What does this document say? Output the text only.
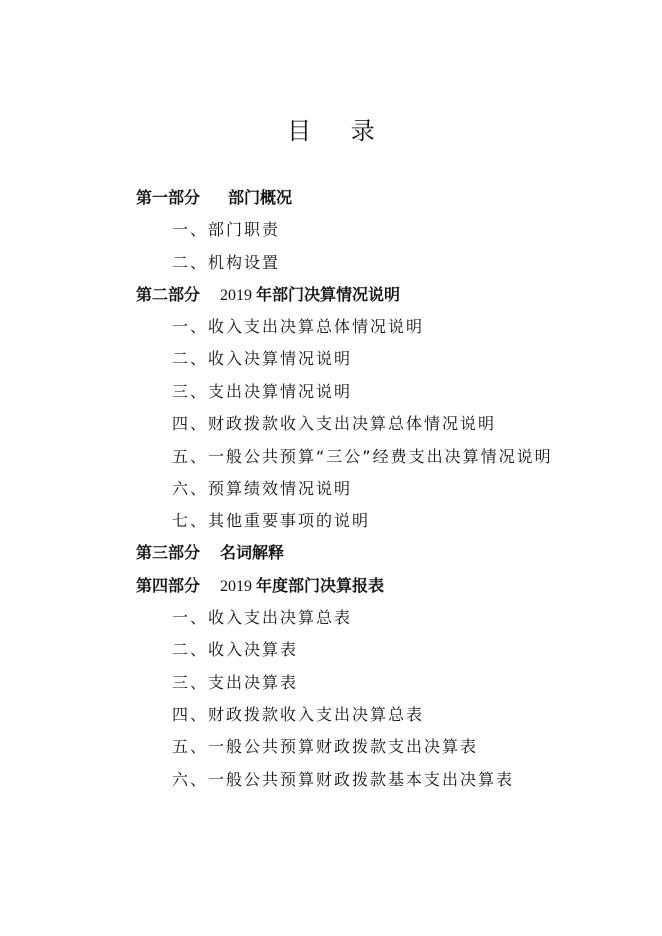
目 录
第一部分 部门概况
一、部门职责
二、机构设置
第二部分 2019 年部门决算情况说明
一、收入支出决算总体情况说明
二、收入决算情况说明
三、支出决算情况说明
四、财政拨款收入支出决算总体情况说明
五、一般公共预算“三公”经费支出决算情况说明
六、预算绩效情况说明
七、其他重要事项的说明
第三部分 名词解释
第四部分 2019 年度部门决算报表
一、收入支出决算总表
二、收入决算表
三、支出决算表
四、财政拨款收入支出决算总表
五、一般公共预算财政拨款支出决算表
六、一般公共预算财政拨款基本支出决算表
